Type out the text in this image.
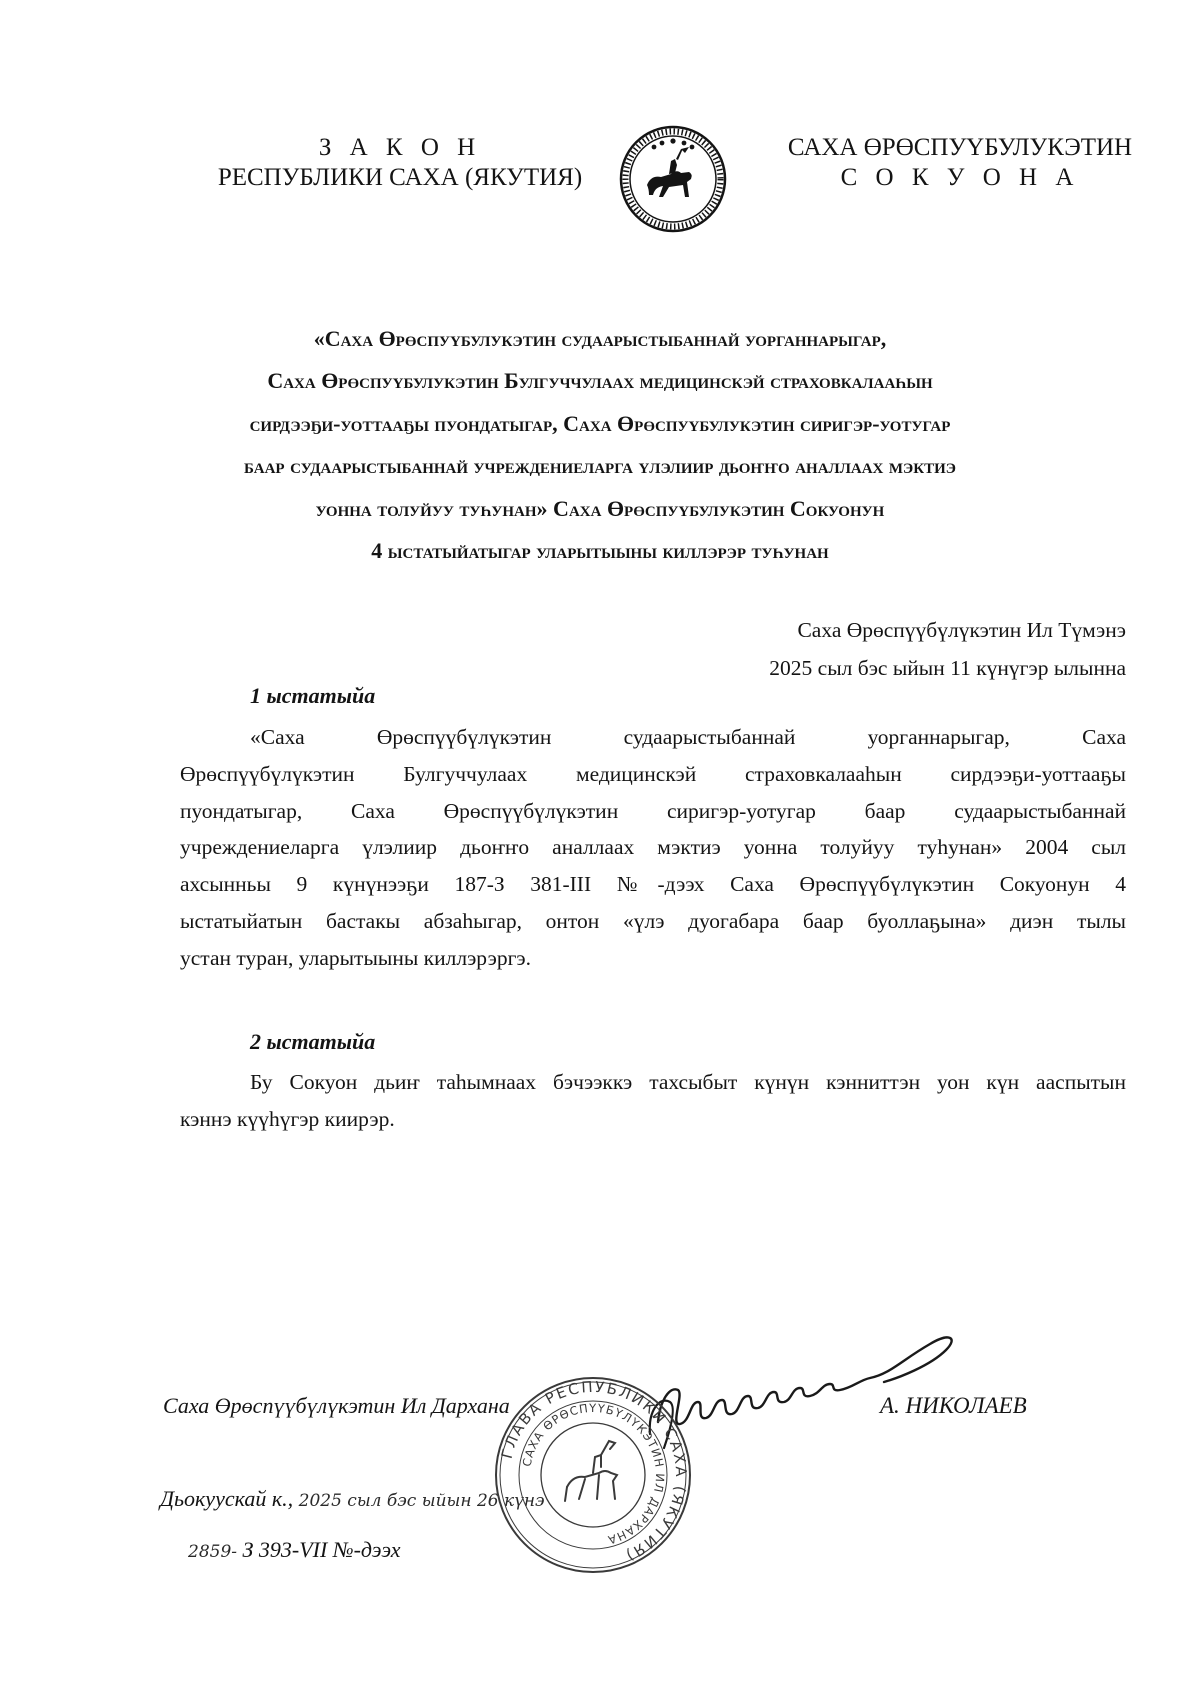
З А К О Н
РЕСПУБЛИКИ САХА (ЯКУТИЯ)
САХА ӨРӨСПУҮБУЛУКЭТИН
С О К У О Н А
«Саха Өрөспуүбулукэтин судаарыстыбаннай уорганнарыгар,
Саха Өрөспуүбулукэтин Булгуччулаах медицинскэй страховкалааһын
сирдээҕи-уоттааҕы пуондатыгар, Саха Өрөспуүбулукэтин сиригэр-уотугар
баар судаарыстыбаннай учреждениеларга үлэлиир дьоҥҥо аналлаах мэктиэ
уонна толуйуу туһунан» Саха Өрөспуүбулукэтин Сокуонун
4 ыстатыйатыгар уларытыыны киллэрэр туһунан
Саха Өрөспүүбүлүкэтин Ил Түмэнэ
2025 сыл бэс ыйын 11 күнүгэр ылынна
1 ыстатыйа
«Саха Өрөспүүбүлүкэтин судаарыстыбаннай уорганнарыгар, Саха
Өрөспүүбүлүкэтин Булгуччулаах медицинскэй страховкалааһын сирдээҕи-уоттааҕы
пуондатыгар, Саха Өрөспүүбүлүкэтин сиригэр-уотугар баар судаарыстыбаннай
учреждениеларга үлэлиир дьоҥҥо аналлаах мэктиэ уонна толуйуу туһунан» 2004 сыл
ахсынньы 9 күнүнээҕи 187-З 381-III №-дээх Саха Өрөспүүбүлүкэтин Сокуонун 4
ыстатыйатын бастакы абзаһыгар, онтон «үлэ дуогабара баар буоллаҕына» диэн тылы
устан туран, уларытыыны киллэрэргэ.
2 ыстатыйа
Бу Сокуон дьиҥ таһымнаах бэчээккэ тахсыбыт күнүн кэнниттэн уон күн ааспытын
кэннэ күүһүгэр киирэр.
Саха Өрөспүүбүлүкэтин Ил Дархана	А. НИКОЛАЕВ
Дьокуускай к., 2025 сыл бэс ыйын 26 күнэ
2859- З 393-VII №-дээх
ГЛАВА РЕСПУБЛИКИ САХА (ЯКУТИЯ)
САХА ӨРӨСПҮҮБҮЛҮКЭТИН ИЛ ДАРХАНА
